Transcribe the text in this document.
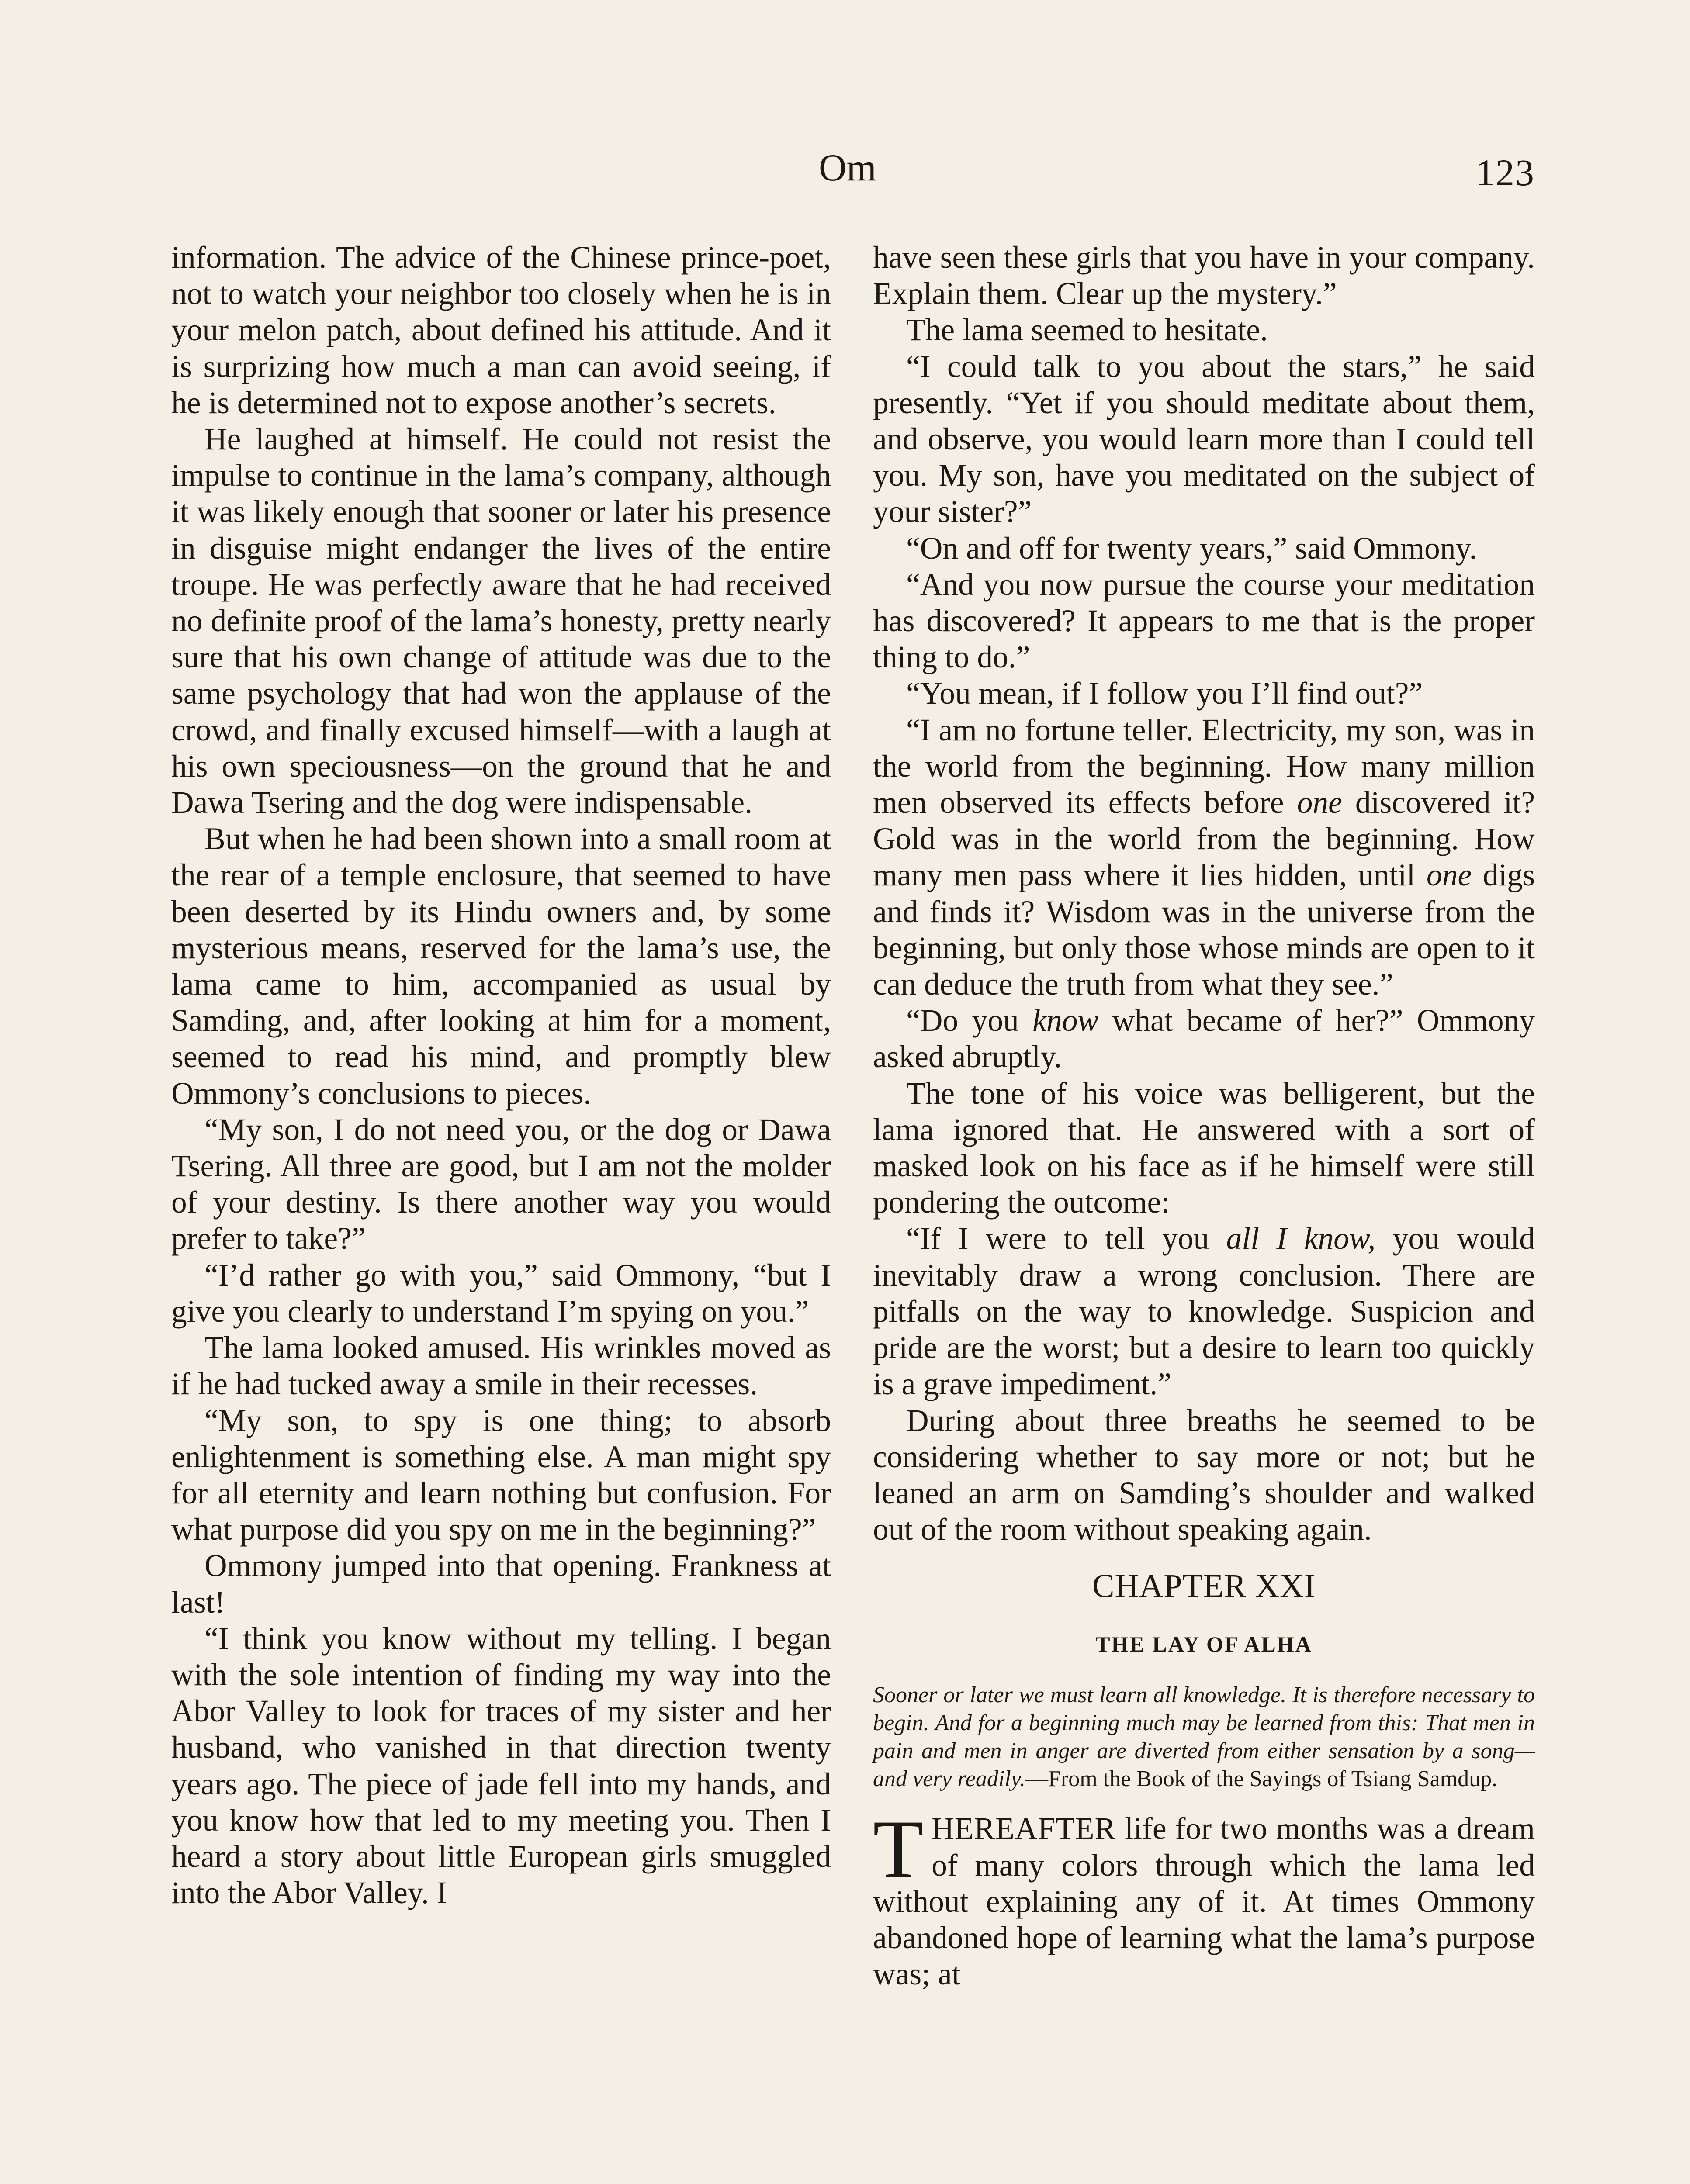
Om	123

information. The advice of the Chinese prince-poet, not to watch your neighbor too closely when he is in your melon patch, about defined his attitude. And it is surprizing how much a man can avoid seeing, if he is determined not to expose another’s secrets.

He laughed at himself. He could not resist the impulse to continue in the lama’s company, although it was likely enough that sooner or later his presence in disguise might endanger the lives of the entire troupe. He was perfectly aware that he had received no definite proof of the lama’s honesty, pretty nearly sure that his own change of attitude was due to the same psychology that had won the applause of the crowd, and finally excused himself—with a laugh at his own speciousness—on the ground that he and Dawa Tsering and the dog were indispensable.

But when he had been shown into a small room at the rear of a temple enclosure, that seemed to have been deserted by its Hindu owners and, by some mysterious means, reserved for the lama’s use, the lama came to him, accompanied as usual by Samding, and, after looking at him for a moment, seemed to read his mind, and promptly blew Ommony’s conclusions to pieces.

“My son, I do not need you, or the dog or Dawa Tsering. All three are good, but I am not the molder of your destiny. Is there another way you would prefer to take?”

“I’d rather go with you,” said Ommony, “but I give you clearly to understand I’m spying on you.”

The lama looked amused. His wrinkles moved as if he had tucked away a smile in their recesses.

“My son, to spy is one thing; to absorb enlightenment is something else. A man might spy for all eternity and learn nothing but confusion. For what purpose did you spy on me in the beginning?”

Ommony jumped into that opening. Frankness at last!

“I think you know without my telling. I began with the sole intention of finding my way into the Abor Valley to look for traces of my sister and her husband, who vanished in that direction twenty years ago. The piece of jade fell into my hands, and you know how that led to my meeting you. Then I heard a story about little European girls smuggled into the Abor Valley. I

have seen these girls that you have in your company. Explain them. Clear up the mystery.”

The lama seemed to hesitate.

“I could talk to you about the stars,” he said presently. “Yet if you should meditate about them, and observe, you would learn more than I could tell you. My son, have you meditated on the subject of your sister?”

“On and off for twenty years,” said Ommony.

“And you now pursue the course your meditation has discovered? It appears to me that is the proper thing to do.”

“You mean, if I follow you I’ll find out?”

“I am no fortune teller. Electricity, my son, was in the world from the beginning. How many million men observed its effects before one discovered it? Gold was in the world from the beginning. How many men pass where it lies hidden, until one digs and finds it? Wisdom was in the universe from the beginning, but only those whose minds are open to it can deduce the truth from what they see.”

“Do you know what became of her?” Ommony asked abruptly.

The tone of his voice was belligerent, but the lama ignored that. He answered with a sort of masked look on his face as if he himself were still pondering the outcome:

“If I were to tell you all I know, you would inevitably draw a wrong conclusion. There are pitfalls on the way to knowledge. Suspicion and pride are the worst; but a desire to learn too quickly is a grave impediment.”

During about three breaths he seemed to be considering whether to say more or not; but he leaned an arm on Samding’s shoulder and walked out of the room without speaking again.

CHAPTER XXI
THE LAY OF ALHA
Sooner or later we must learn all knowledge. It is therefore necessary to begin. And for a beginning much may be learned from this: That men in pain and men in anger are diverted from either sensation by a song—and very readily.—From the Book of the Sayings of Tsiang Samdup.

THEREAFTER life for two months was a dream of many colors through which the lama led without explaining any of it. At times Ommony abandoned hope of learning what the lama’s purpose was; at
